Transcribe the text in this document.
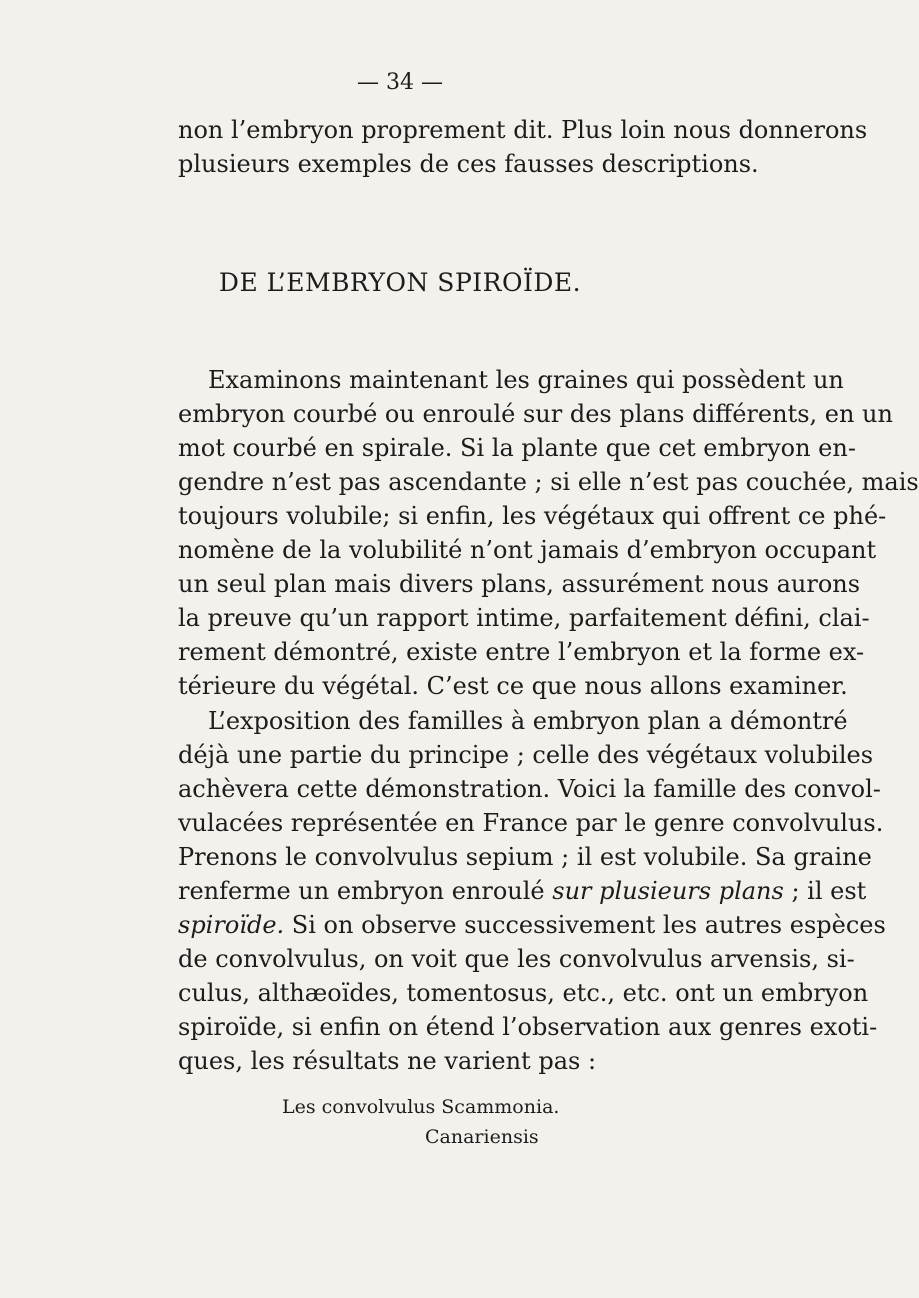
— 34 —
non l’embryon proprement dit. Plus loin nous donnerons
plusieurs exemples de ces fausses descriptions.
DE L’EMBRYON SPIROÏDE.
Examinons maintenant les graines qui possèdent un
embryon courbé ou enroulé sur des plans différents, en un
mot courbé en spirale. Si la plante que cet embryon en-
gendre n’est pas ascendante ; si elle n’est pas couchée, mais
toujours volubile; si enfin, les végétaux qui offrent ce phé-
nomène de la volubilité n’ont jamais d’embryon occupant
un seul plan mais divers plans, assurément nous aurons
la preuve qu’un rapport intime, parfaitement défini, clai-
rement démontré, existe entre l’embryon et la forme ex-
térieure du végétal. C’est ce que nous allons examiner.
L’exposition des familles à embryon plan a démontré
déjà une partie du principe ; celle des végétaux volubiles
achèvera cette démonstration. Voici la famille des convol-
vulacées représentée en France par le genre convolvulus.
Prenons le convolvulus sepium ; il est volubile. Sa graine
renferme un embryon enroulé sur plusieurs plans ; il est
spiroïde. Si on observe successivement les autres espèces
de convolvulus, on voit que les convolvulus arvensis, si-
culus, althæoïdes, tomentosus, etc., etc. ont un embryon
spiroïde, si enfin on étend l’observation aux genres exoti-
ques, les résultats ne varient pas :
Les convolvulus Scammonia.
Canariensis
